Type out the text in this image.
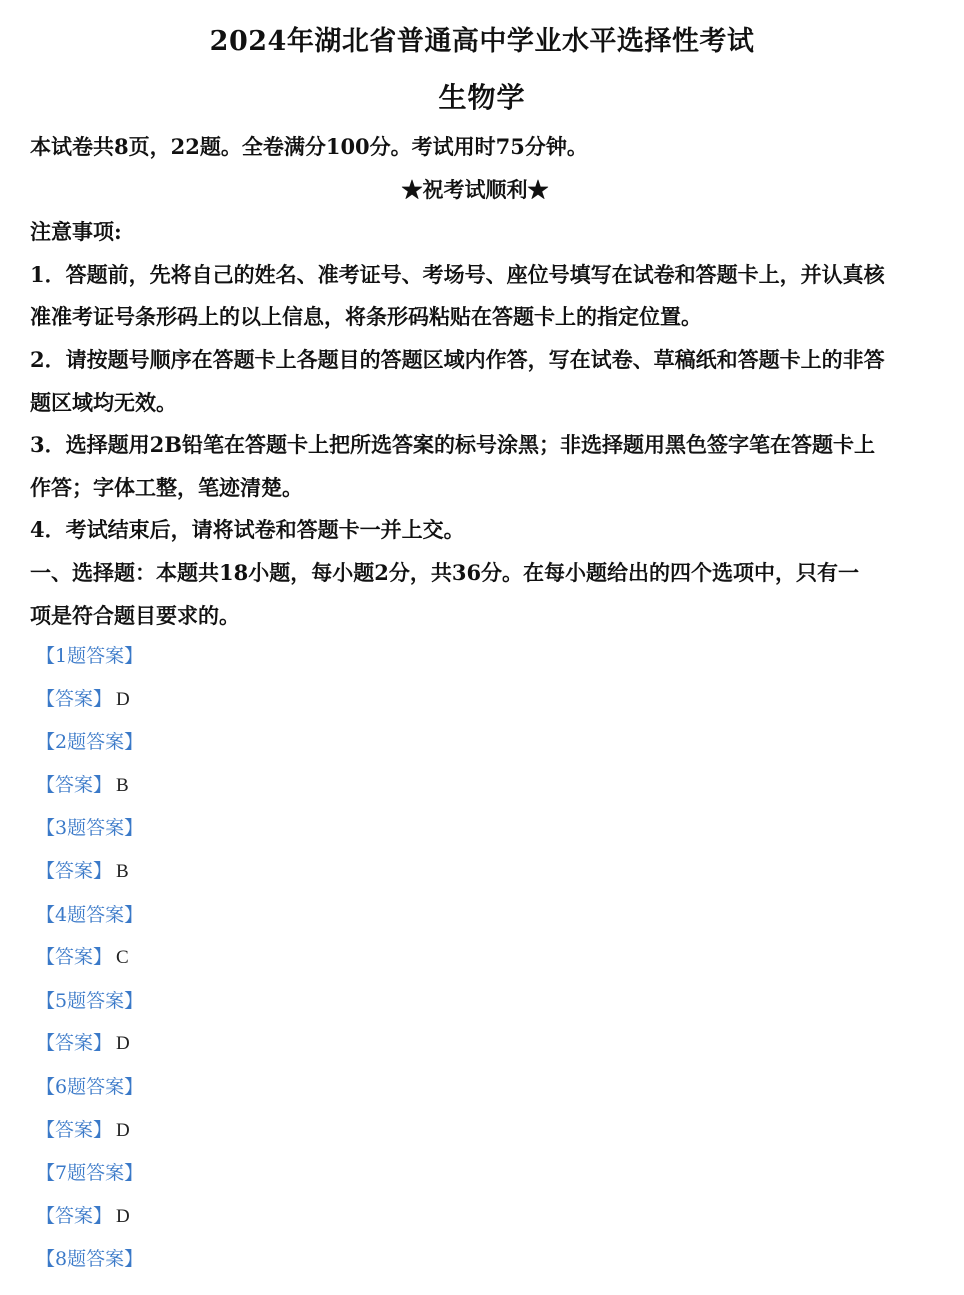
2024年湖北省普通高中学业水平选择性考试
生物学

本试卷共8页，22题。全卷满分100分。考试用时75分钟。

★祝考试顺利★

注意事项:

1．答题前，先将自己的姓名、准考证号、考场号、座位号填写在试卷和答题卡上，并认真核

准准考证号条形码上的以上信息，将条形码粘贴在答题卡上的指定位置。

2．请按题号顺序在答题卡上各题目的答题区域内作答，写在试卷、草稿纸和答题卡上的非答

题区域均无效。

3．选择题用2B铅笔在答题卡上把所选答案的标号涂黑；非选择题用黑色签字笔在答题卡上

作答；字体工整，笔迹清楚。

4．考试结束后，请将试卷和答题卡一并上交。

一、选择题：本题共18小题，每小题2分，共36分。在每小题给出的四个选项中，只有一

项是符合题目要求的。

【1题答案】

【答案】 D

【2题答案】

【答案】 B

【3题答案】

【答案】 B

【4题答案】

【答案】 C

【5题答案】

【答案】 D

【6题答案】

【答案】 D

【7题答案】

【答案】 D

【8题答案】
